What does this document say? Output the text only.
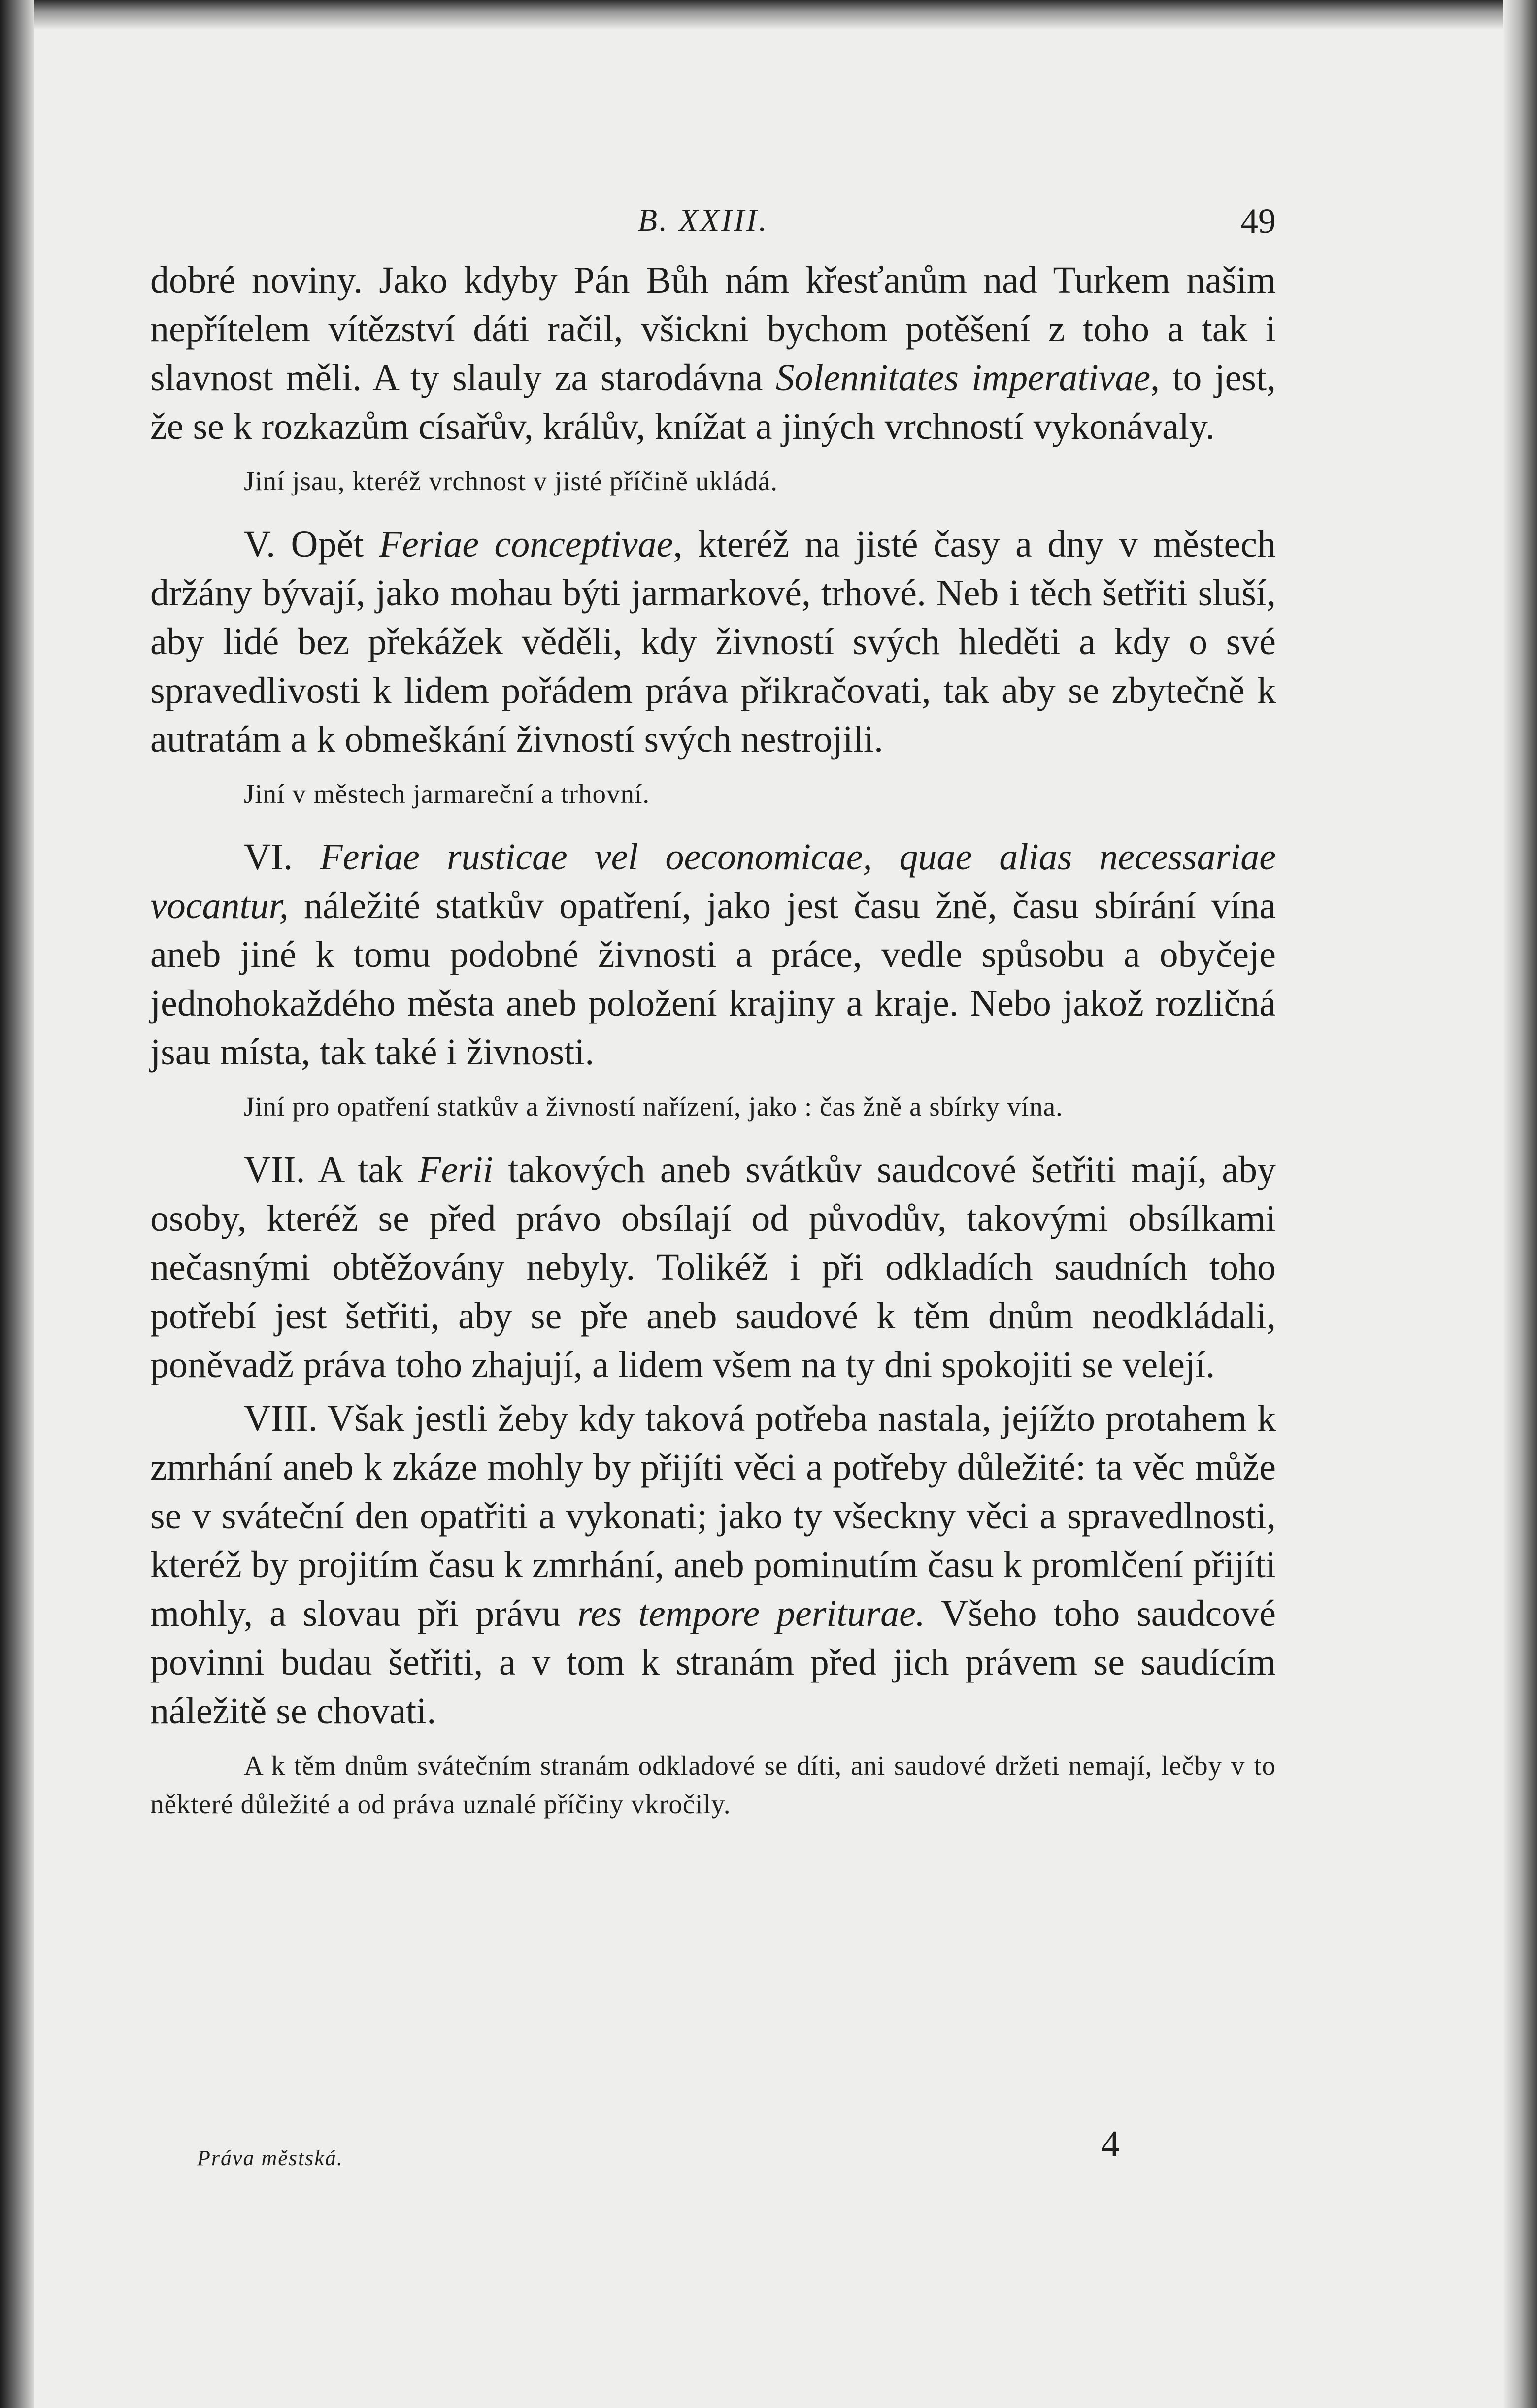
B. XXIII.	49

dobré noviny. Jako kdyby Pán Bůh nám křesťanům nad Turkem našim nepřítelem vítězství dáti račil, všickni bychom potěšení z toho a tak i slavnost měli. A ty slauly za starodávna Solennitates imperativae, to jest, že se k rozkazům císařův, králův, knížat a jiných vrchností vykonávaly.

Jiní jsau, kteréž vrchnost v jisté příčině ukládá.

V. Opět Feriae conceptivae, kteréž na jisté časy a dny v městech držány bývají, jako mohau býti jarmarkové, trhové. Neb i těch šetřiti sluší, aby lidé bez překážek věděli, kdy živností svých hleděti a kdy o své spravedlivosti k lidem pořádem práva přikračovati, tak aby se zbytečně k autratám a k obmeškání živností svých nestrojili.

Jiní v městech jarmareční a trhovní.

VI. Feriae rusticae vel oeconomicae, quae alias necessariae vocantur, náležité statkův opatření, jako jest času žně, času sbírání vína aneb jiné k tomu podobné živnosti a práce, vedle spůsobu a obyčeje jednohokaždého města aneb položení krajiny a kraje. Nebo jakož rozličná jsau místa, tak také i živnosti.

Jiní pro opatření statkův a živností nařízení, jako : čas žně a sbírky vína.

VII. A tak Ferii takových aneb svátkův saudcové šetřiti mají, aby osoby, kteréž se před právo obsílají od původův, takovými obsílkami nečasnými obtěžovány nebyly. Tolikéž i při odkladích saudních toho potřebí jest šetřiti, aby se pře aneb saudové k těm dnům neodkládali, poněvadž práva toho zhajují, a lidem všem na ty dni spokojiti se velejí.

VIII. Však jestli žeby kdy taková potřeba nastala, jejížto protahem k zmrhání aneb k zkáze mohly by přijíti věci a potřeby důležité: ta věc může se v sváteční den opatřiti a vykonati; jako ty všeckny věci a spravedlnosti, kteréž by projitím času k zmrhání, aneb pominutím času k promlčení přijíti mohly, a slovau při právu res tempore periturae. Všeho toho saudcové povinni budau šetřiti, a v tom k stranám před jich právem se saudícím náležitě se chovati.

A k těm dnům svátečním stranám odkladové se díti, ani saudové držeti nemají, lečby v to některé důležité a od práva uznalé příčiny vkročily.
Práva městská.	4
